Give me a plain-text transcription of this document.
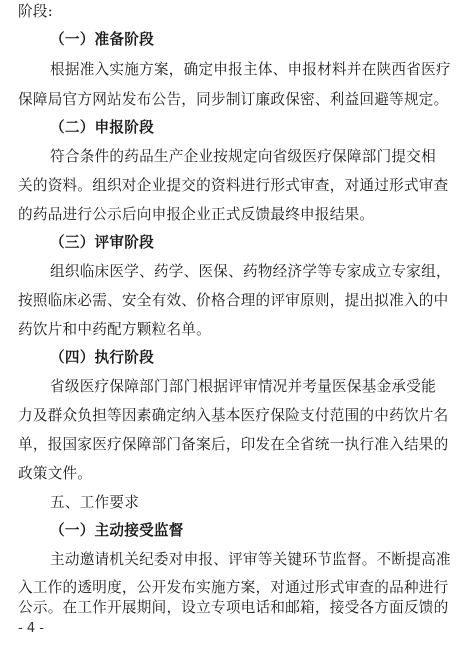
阶段:
（一）准备阶段
根据准入实施方案，确定申报主体、申报材料并在陕西省医疗
保障局官方网站发布公告，同步制订廉政保密、利益回避等规定。
（二）申报阶段
符合条件的药品生产企业按规定向省级医疗保障部门提交相
关的资料。组织对企业提交的资料进行形式审查，对通过形式审查
的药品进行公示后向申报企业正式反馈最终申报结果。
（三）评审阶段
组织临床医学、药学、医保、药物经济学等专家成立专家组，
按照临床必需、安全有效、价格合理的评审原则，提出拟准入的中
药饮片和中药配方颗粒名单。
（四）执行阶段
省级医疗保障部门部门根据评审情况并考量医保基金承受能
力及群众负担等因素确定纳入基本医疗保险支付范围的中药饮片名
单，报国家医疗保障部门备案后，印发在全省统一执行准入结果的
政策文件。
五、工作要求
（一）主动接受监督
主动邀请机关纪委对申报、评审等关键环节监督。不断提高准
入工作的透明度，公开发布实施方案，对通过形式审查的品种进行
公示。在工作开展期间，设立专项电话和邮箱，接受各方面反馈的
- 4 -
